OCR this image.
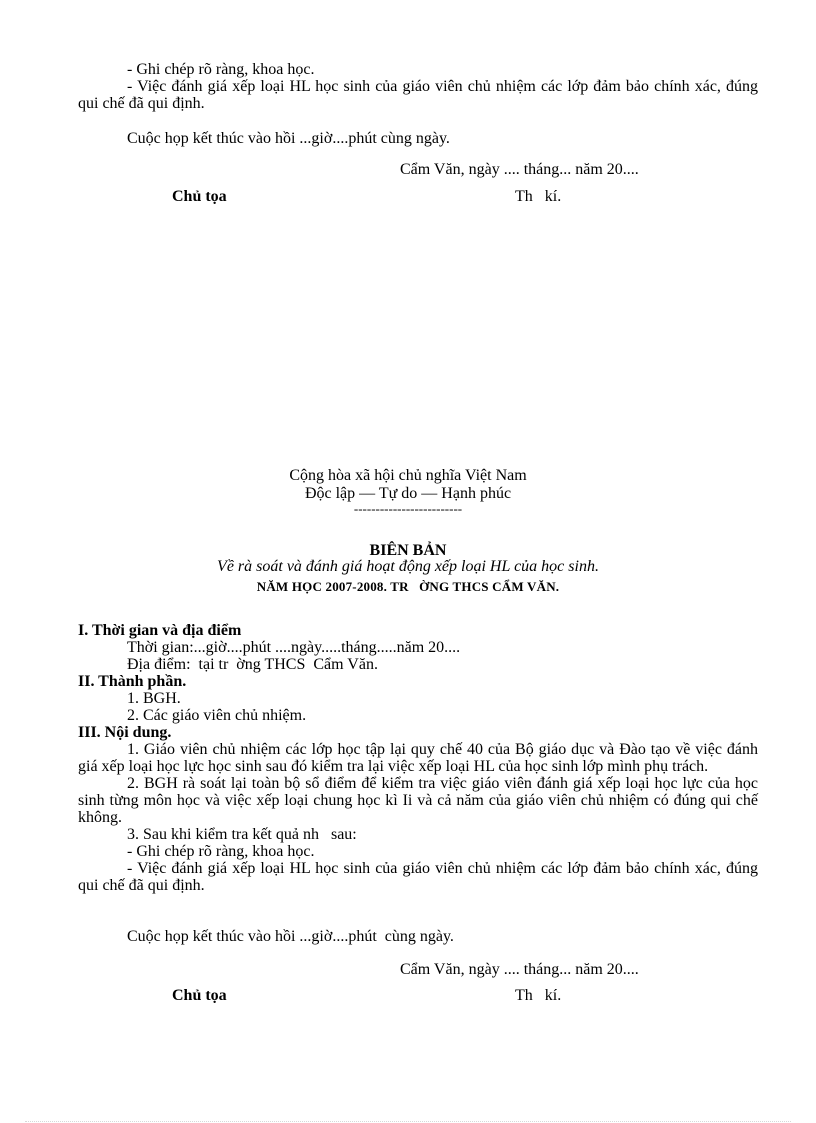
- Ghi chép rõ ràng, khoa học.

- Việc đánh giá xếp loại HL học sinh của giáo viên chủ nhiệm các lớp đảm bảo chính xác, đúng qui chế đã qui định.

Cuộc họp kết thúc vào hồi ...giờ....phút cùng ngày.

Cẩm Văn, ngày .... tháng... năm 20....
Chủ tọa	Th   kí.
Cộng hòa xã hội chủ nghĩa Việt Nam
Độc lập — Tự do — Hạnh phúc
-------------------------
BIÊN BẢN
Về rà soát và đánh giá hoạt động xếp loại HL của học sinh.
NĂM HỌC 2007-2008. TR   ỜNG THCS CẨM VĂN.

I. Thời gian và địa điểm

Thời gian:...giờ....phút ....ngày.....tháng.....năm 20....

Địa điểm:  tại tr  ờng THCS  Cẩm Văn.

II. Thành phần.

1. BGH.

2. Các giáo viên chủ nhiệm.

III. Nội dung.

1. Giáo viên chủ nhiệm các lớp học tập lại quy chế 40 của Bộ giáo dục và Đào tạo về việc đánh giá xếp loại học lực học sinh sau đó kiểm tra lại việc xếp loại HL của học sinh lớp mình phụ trách.

2. BGH rà soát lại toàn bộ sổ điểm để kiểm tra việc giáo viên đánh giá xếp loại học lực của học sinh từng môn học và việc xếp loại chung học kì Ii và cả năm của giáo viên chủ nhiệm có đúng qui chế không.

3. Sau khi kiểm tra kết quả nh   sau:

- Ghi chép rõ ràng, khoa học.

- Việc đánh giá xếp loại HL học sinh của giáo viên chủ nhiệm các lớp đảm bảo chính xác, đúng qui chế đã qui định.

Cuộc họp kết thúc vào hồi ...giờ....phút  cùng ngày.

Cẩm Văn, ngày .... tháng... năm 20....
Chủ tọa	Th   kí.
